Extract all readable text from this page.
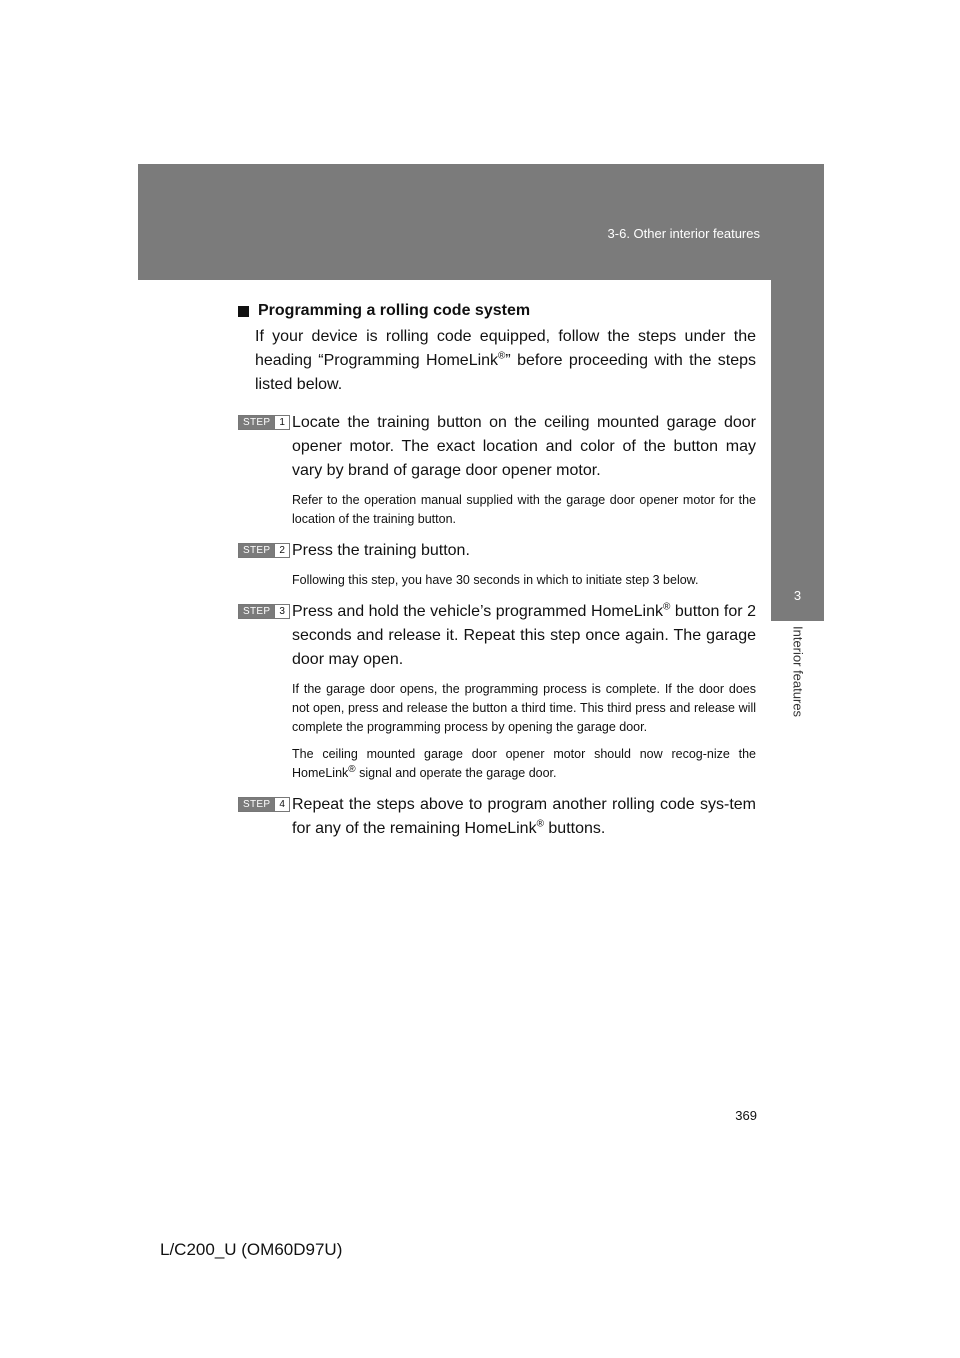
3-6. Other interior features
3
Interior features
Programming a rolling code system

If your device is rolling code equipped, follow the steps under the heading “Programming HomeLink®” before proceeding with the steps listed below.

STEP 1 Locate the training button on the ceiling mounted garage door opener motor. The exact location and color of the button may vary by brand of garage door opener motor.

Refer to the operation manual supplied with the garage door opener motor for the location of the training button.

STEP 2 Press the training button.

Following this step, you have 30 seconds in which to initiate step 3 below.

STEP 3 Press and hold the vehicle’s programmed HomeLink® button for 2 seconds and release it. Repeat this step once again. The garage door may open.

If the garage door opens, the programming process is complete. If the door does not open, press and release the button a third time. This third press and release will complete the programming process by opening the garage door.

The ceiling mounted garage door opener motor should now recog-nize the HomeLink® signal and operate the garage door.

STEP 4 Repeat the steps above to program another rolling code sys-tem for any of the remaining HomeLink® buttons.

369
L/C200_U (OM60D97U)
